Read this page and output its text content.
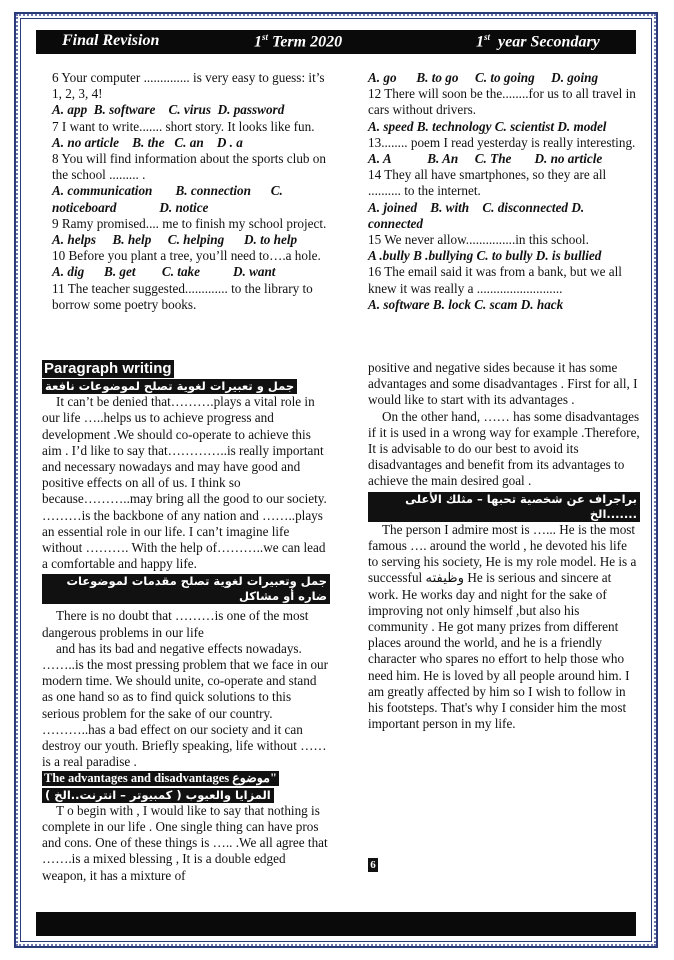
Final Revision	1st Term 2020	1st  year Secondary

6 Your computer .............. is very easy to guess: it’s 1, 2, 3, 4!

A. app  B. software    C. virus  D. password

7 I want to write....... short story. It looks like fun.

A. no article    B. the   C. an    D . a

8 You will find information about the sports club on the school ......... .

A. communication       B. connection      C. noticeboard             D. notice

9 Ramy promised.... me to finish my school project.

A. helps     B. help     C. helping      D. to help

10 Before you plant a tree, you’ll need to….a hole.

A. dig      B. get        C. take          D. want

11 The teacher suggested............. to the library to borrow some poetry books.

A. go      B. to go     C. to going     D. going

12 There will soon be the........for us to all travel in cars without drivers.

A. speed B. technology C. scientist D. model

13........ poem I read yesterday is really interesting.

A. A           B. An     C. The       D. no article

14 They all have smartphones, so they are all .......... to the internet.

A. joined    B. with    C. disconnected D. connected

15 We never allow...............in this school.

A .bully B .bullying C. to bully D. is bullied

16 The email said it was from a bank, but we all knew it was really a ..........................

A. software B. lock C. scam D. hack

Paragraph writing
جمل و تعبيرات لغوية تصلح لموضوعات نافعة

It can’t be denied that……….plays a vital role in our life …..helps us to achieve progress and development .We should co-operate to achieve this aim . I’d like to say that…………..is really important and necessary nowadays and may have good and positive effects on all of us. I think so because………..may bring all the good to our society. ………is the backbone of any nation and ……..plays an essential role in our life. I can’t imagine life without ………. With the help of………..we can lead a comfortable and happy life.

جمل وتعبيرات لغوية تصلح مقدمات لموضوعات ضاره أو مشاكل

There is no doubt that ………is one of the most dangerous problems in our life

and has its bad and negative effects nowadays. ……..is the most pressing problem that we face in our modern time. We should unite, co-operate and stand as one hand so as to find quick solutions to this serious problem for the sake of our country. ………..has a bad effect on our society and it can destroy our youth. Briefly speaking, life without …… is a real paradise .

The advantages and disadvantages موضوع"
المزايا والعيوب ( كمبيوتر – انترنت..الخ )

T o begin with , I would like to say that nothing is complete in our life . One single thing can have pros and cons. One of these things is ….. .We all agree that …….is a mixed blessing , It is a double edged weapon, it has a mixture of

positive and negative sides because it has some advantages and some disadvantages . First for all, I would like to start with its advantages .

On the other hand, …… has some disadvantages if it is used in a wrong way for example .Therefore, It is advisable to do our best to avoid its disadvantages and benefit from its advantages to achieve the main desired goal .

براجراف عن شخصية تحبها – مثلك الأعلى .......الخ

The person I admire most is …... He is the most famous …. around the world , he devoted his life to serving his society, He is my role model. He is a successful وظيفته He is serious and sincere at work. He works day and night for the sake of improving not only himself ,but also his community . He got many prizes from different places around the world, and he is a friendly character who spares no effort to help those who need him. He is loved by all people around him. I am greatly affected by him so I wish to follow in his footsteps. That's why I consider him the most important person in my life.

6
